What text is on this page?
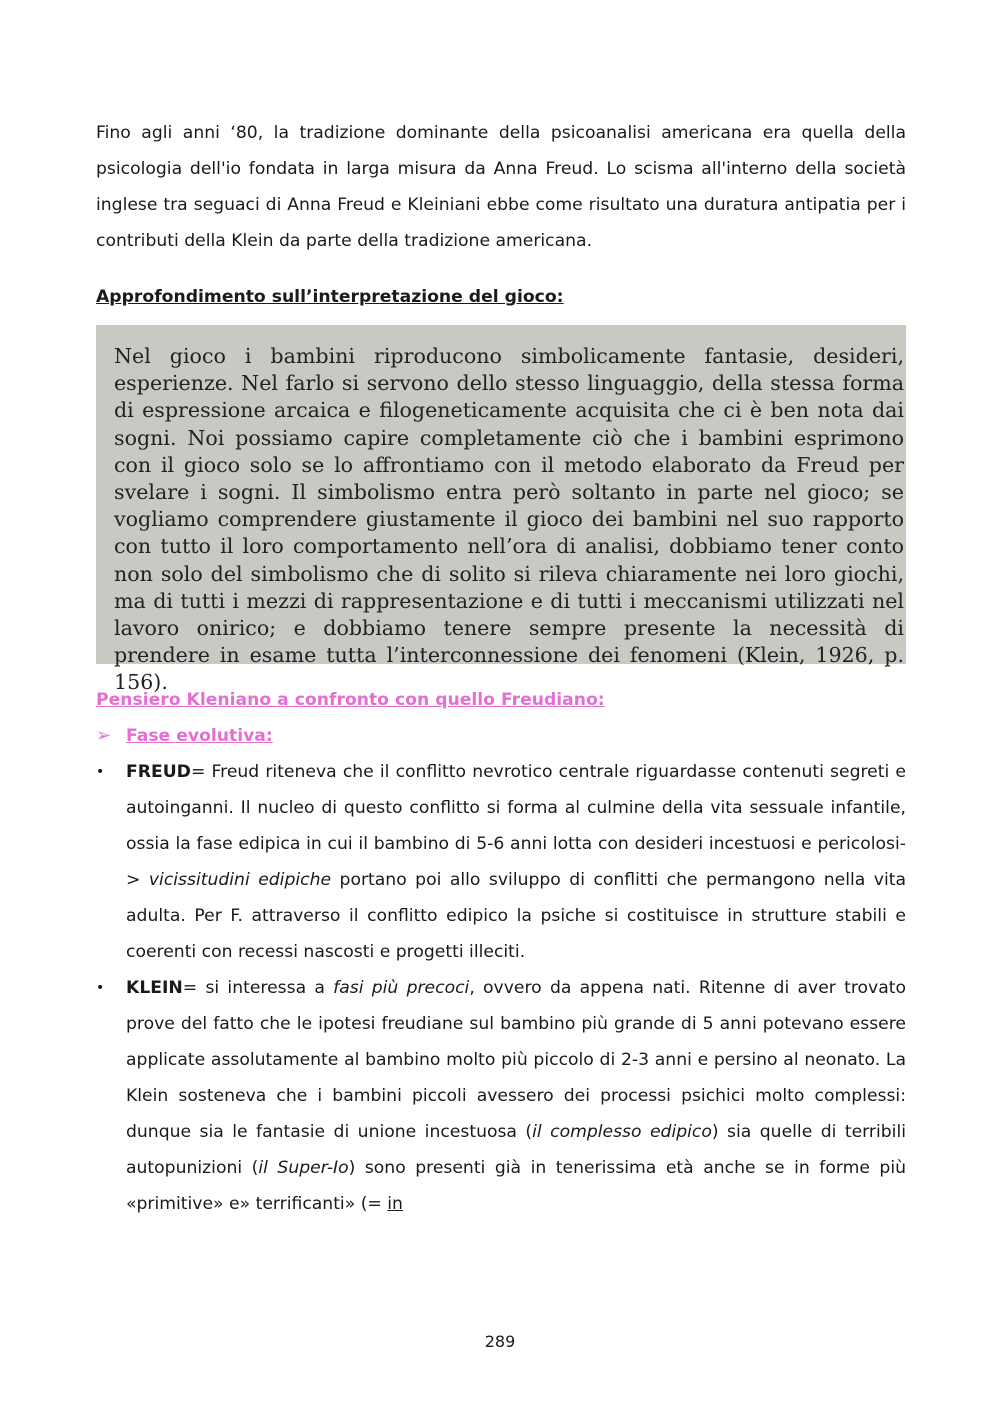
Fino agli anni ‘80, la tradizione dominante della psicoanalisi americana era quella della psicologia dell'io fondata in larga misura da Anna Freud. Lo scisma all'interno della società inglese tra seguaci di Anna Freud e Kleiniani ebbe come risultato una duratura antipatia per i contributi della Klein da parte della tradizione americana.

Approfondimento sull’interpretazione del gioco:

Nel gioco i bambini riproducono simbolicamente fantasie, desideri, esperienze. Nel farlo si servono dello stesso linguaggio, della stessa forma di espressione arcaica e filogeneticamente acquisita che ci è ben nota dai sogni. Noi possiamo capire completamente ciò che i bambini esprimono con il gioco solo se lo affrontiamo con il metodo elaborato da Freud per svelare i sogni. Il simbolismo entra però soltanto in parte nel gioco; se vogliamo comprendere giustamente il gioco dei bambini nel suo rapporto con tutto il loro comportamento nell’ora di analisi, dobbiamo tener conto non solo del simbolismo che di solito si rileva chiaramente nei loro giochi, ma di tutti i mezzi di rappresentazione e di tutti i meccanismi utilizzati nel lavoro onirico; e dobbiamo tenere sempre presente la necessità di prendere in esame tutta l’interconnessione dei fenomeni (Klein, 1926, p. 156).

Pensiero Kleniano a confronto con quello Freudiano:
➢ Fase evolutiva:
•	FREUD= Freud riteneva che il conflitto nevrotico centrale riguardasse contenuti segreti e autoinganni. Il nucleo di questo conflitto si forma al culmine della vita sessuale infantile, ossia la fase edipica in cui il bambino di 5-6 anni lotta con desideri incestuosi e pericolosi-> vicissitudini edipiche portano poi allo sviluppo di conflitti che permangono nella vita adulta. Per F. attraverso il conflitto edipico la psiche si costituisce in strutture stabili e coerenti con recessi nascosti e progetti illeciti.
•	KLEIN= si interessa a fasi più precoci, ovvero da appena nati. Ritenne di aver trovato prove del fatto che le ipotesi freudiane sul bambino più grande di 5 anni potevano essere applicate assolutamente al bambino molto più piccolo di 2-3 anni e persino al neonato. La Klein sosteneva che i bambini piccoli avessero dei processi psichici molto complessi: dunque sia le fantasie di unione incestuosa (il complesso edipico) sia quelle di terribili autopunizioni (il Super-Io) sono presenti già in tenerissima età anche se in forme più «primitive» e» terrificanti» (= in
289
